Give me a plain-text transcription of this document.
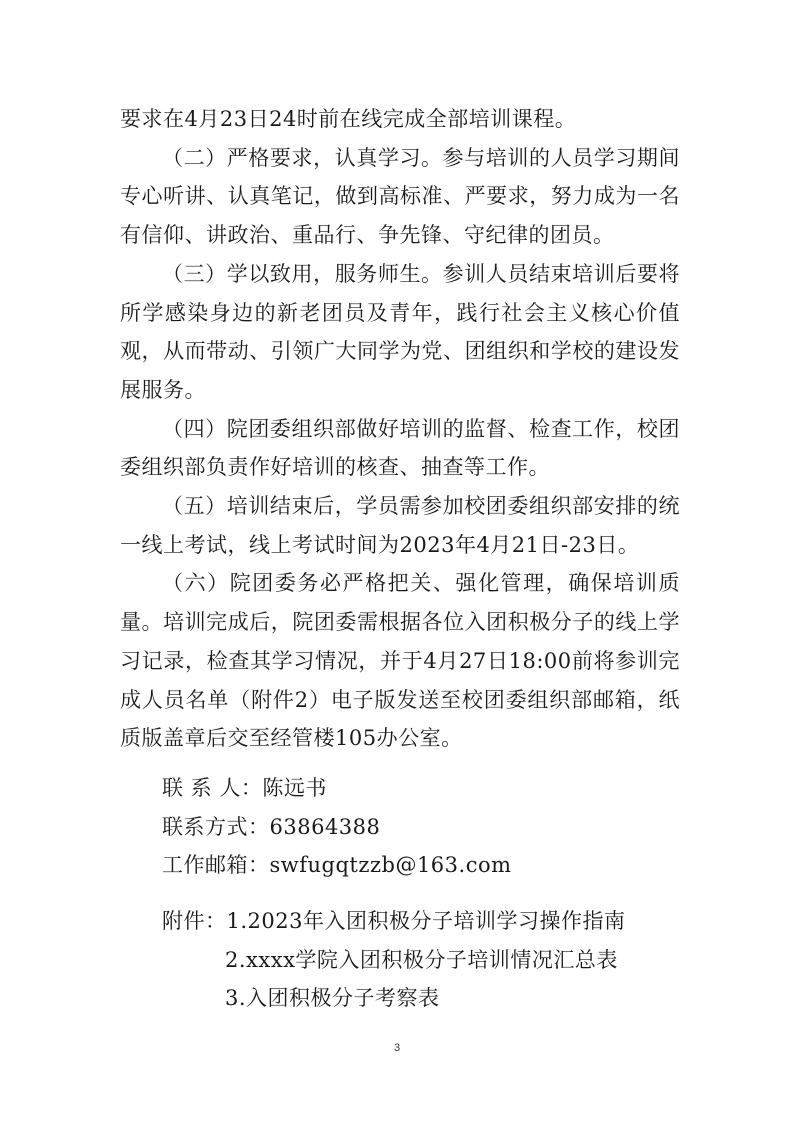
要求在4月23日24时前在线完成全部培训课程。

（二）严格要求，认真学习。参与培训的人员学习期间专心听讲、认真笔记，做到高标准、严要求，努力成为一名有信仰、讲政治、重品行、争先锋、守纪律的团员。

（三）学以致用，服务师生。参训人员结束培训后要将所学感染身边的新老团员及青年，践行社会主义核心价值观，从而带动、引领广大同学为党、团组织和学校的建设发展服务。

（四）院团委组织部做好培训的监督、检查工作，校团委组织部负责作好培训的核查、抽查等工作。

（五）培训结束后，学员需参加校团委组织部安排的统一线上考试，线上考试时间为2023年4月21日-23日。

（六）院团委务必严格把关、强化管理，确保培训质量。培训完成后，院团委需根据各位入团积极分子的线上学习记录，检查其学习情况，并于4月27日18:00前将参训完成人员名单（附件2）电子版发送至校团委组织部邮箱，纸质版盖章后交至经管楼105办公室。

联 系 人：陈远书
联系方式：63864388
工作邮箱：swfugqtzzb@163.com
附件：1.2023年入团积极分子培训学习操作指南
2.xxxx学院入团积极分子培训情况汇总表
3.入团积极分子考察表
3
